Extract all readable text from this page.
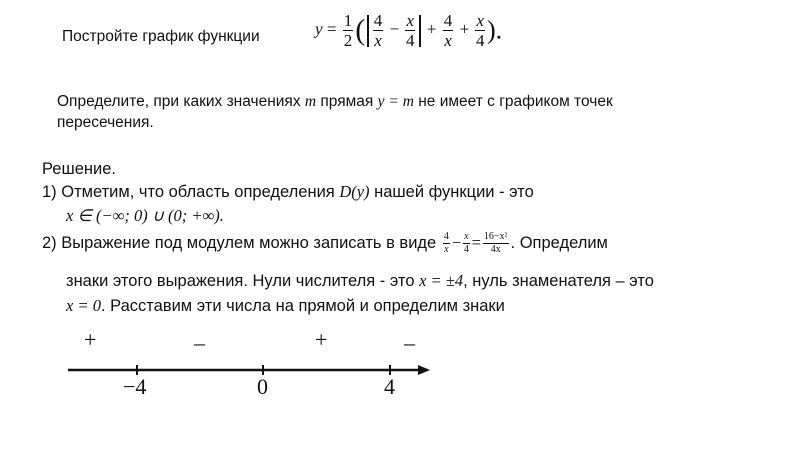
Постройте график функции	$y = \frac{1}{2}$ ( $\frac{4}{x} - \frac{x}{4} + \frac{4}{x} + \frac{x}{4}$ ).
Определите, при каких значениях m прямая y = m не имеет с графиком точек
пересечения.
Решение.
1) Отметим, что область определения D(y) нашей функции - это
x ∈ (−∞; 0) ∪ (0; +∞).
2) Выражение под модулем можно записать в виде $\frac{4}{x} - \frac{x}{4} = \frac{\text{16−x²}}{4x}$ . Определим
знаки этого выражения. Нули числителя - это x = ±4, нуль знаменателя – это
x = 0. Расставим эти числа на прямой и определим знаки
+	–	+	–
−4	0	4
